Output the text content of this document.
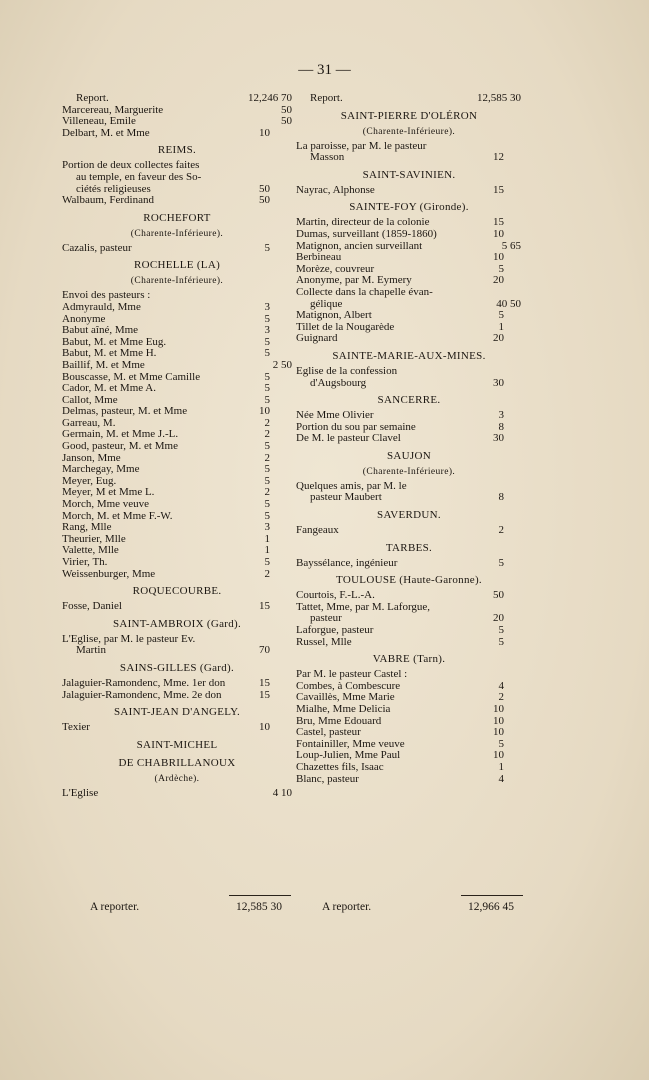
— 31 —
Report.	12,246 70
Marcereau, Marguerite	50
Villeneau, Emile	50
Delbart, M. et Mme	10
REIMS.
Portion de deux collectes faites
au temple, en faveur des So-
ciétés religieuses	50
Walbaum, Ferdinand	50
ROCHEFORT
(Charente-Inférieure).
Cazalis, pasteur	5
ROCHELLE (LA)
(Charente-Inférieure).
Envoi des pasteurs :
Admyrauld, Mme	3
Anonyme	5
Babut aîné, Mme	3
Babut, M. et Mme Eug.	5
Babut, M. et Mme H.	5
Baillif, M. et Mme	2 50
Bouscasse, M. et Mme Camille	5
Cador, M. et Mme A.	5
Callot, Mme	5
Delmas, pasteur, M. et Mme	10
Garreau, M.	2
Germain, M. et Mme J.-L.	2
Good, pasteur, M. et Mme	5
Janson, Mme	2
Marchegay, Mme	5
Meyer, Eug.	5
Meyer, M et Mme L.	2
Morch, Mme veuve	5
Morch, M. et Mme F.-W.	5
Rang, Mlle	3
Theurier, Mlle	1
Valette, Mlle	1
Virier, Th.	5
Weissenburger, Mme	2
ROQUECOURBE.
Fosse, Daniel	15
SAINT-AMBROIX (Gard).
L'Eglise, par M. le pasteur Ev.
Martin	70
SAINS-GILLES (Gard).
Jalaguier-Ramondenc, Mme. 1er don	15
Jalaguier-Ramondenc, Mme. 2e don	15
SAINT-JEAN D'ANGELY.
Texier	10
SAINT-MICHEL
DE CHABRILLANOUX
(Ardèche).
L'Eglise	4 10
Report.	12,585 30
SAINT-PIERRE D'OLÉRON
(Charente-Inférieure).
La paroisse, par M. le pasteur
Masson	12
SAINT-SAVINIEN.
Nayrac, Alphonse	15
SAINTE-FOY (Gironde).
Martin, directeur de la colonie	15
Dumas, surveillant (1859-1860)	10
Matignon, ancien surveillant	5 65
Berbineau	10
Morèze, couvreur	5
Anonyme, par M. Eymery	20
Collecte dans la chapelle évan-
gélique	40 50
Matignon, Albert	5
Tillet de la Nougarède	1
Guignard	20
SAINTE-MARIE-AUX-MINES.
Eglise de la confession
d'Augsbourg	30
SANCERRE.
Née Mme Olivier	3
Portion du sou par semaine	8
De M. le pasteur Clavel	30
SAUJON
(Charente-Inférieure).
Quelques amis, par M. le
pasteur Maubert	8
SAVERDUN.
Fangeaux	2
TARBES.
Bayssélance, ingénieur	5
TOULOUSE (Haute-Garonne).
Courtois, F.-L.-A.	50
Tattet, Mme, par M. Laforgue,
pasteur	20
Laforgue, pasteur	5
Russel, Mlle	5
VABRE (Tarn).
Par M. le pasteur Castel :
Combes, à Combescure	4
Cavaillès, Mme Marie	2
Mialhe, Mme Delicia	10
Bru, Mme Edouard	10
Castel, pasteur	10
Fontainiller, Mme veuve	5
Loup-Julien, Mme Paul	10
Chazettes fils, Isaac	1
Blanc, pasteur	4
A reporter.	12,585 30	A reporter.	12,966 45
